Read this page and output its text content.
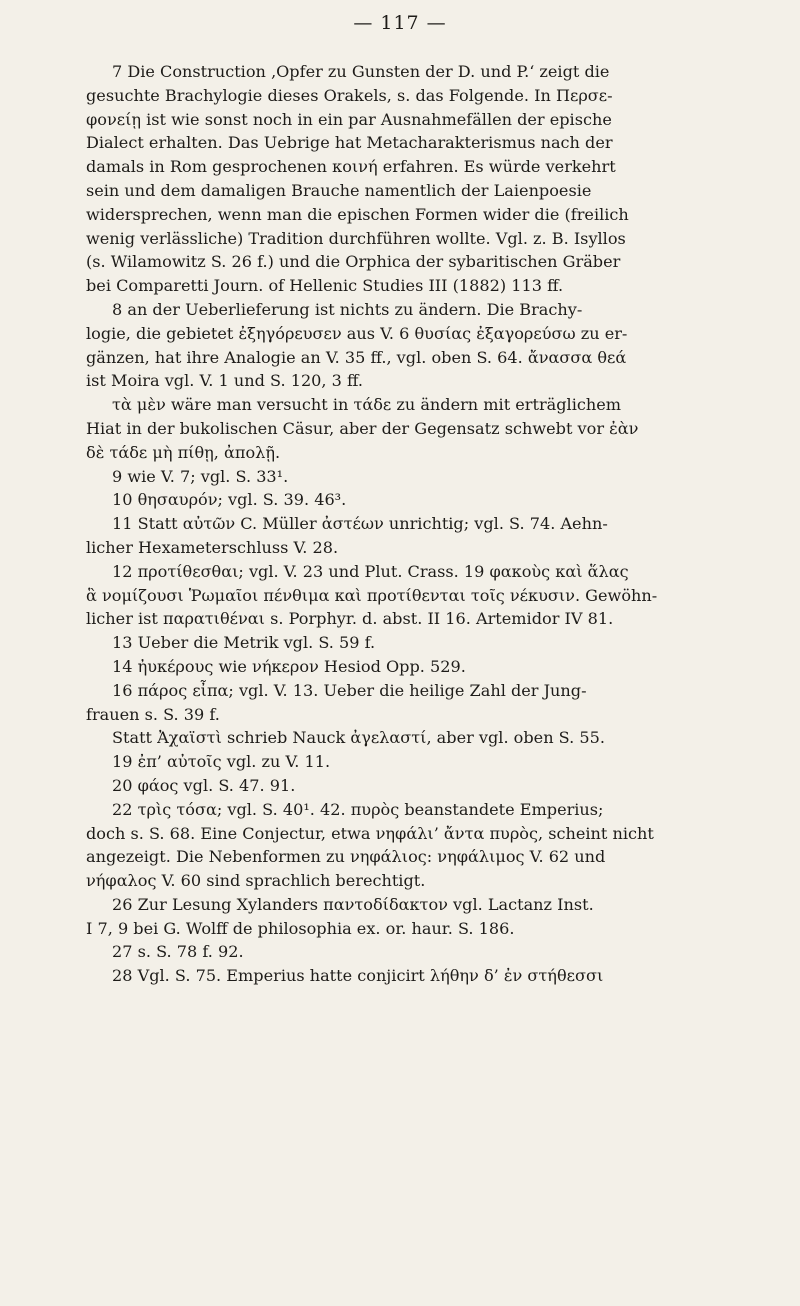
— 117 —
7 Die Construction ‚Opfer zu Gunsten der D. und P.‘ zeigt die
gesuchte Brachylogie dieses Orakels, s. das Folgende. In Περσε-
φονείῃ ist wie sonst noch in ein par Ausnahmefällen der epische
Dialect erhalten. Das Uebrige hat Metacharakterismus nach der
damals in Rom gesprochenen κοινή erfahren. Es würde verkehrt
sein und dem damaligen Brauche namentlich der Laienpoesie
widersprechen, wenn man die epischen Formen wider die (freilich
wenig verlässliche) Tradition durchführen wollte. Vgl. z. B. Isyllos
(s. Wilamowitz S. 26 f.) und die Orphica der sybaritischen Gräber
bei Comparetti Journ. of Hellenic Studies III (1882) 113 ff.
8 an der Ueberlieferung ist nichts zu ändern. Die Brachy-
logie, die gebietet ἐξηγόρευσεν aus V. 6 θυσίας ἐξαγορεύσω zu er-
gänzen, hat ihre Analogie an V. 35 ff., vgl. oben S. 64. ἄνασσα θεά
ist Moira vgl. V. 1 und S. 120, 3 ff.
τὰ μὲν wäre man versucht in τάδε zu ändern mit erträglichem
Hiat in der bukolischen Cäsur, aber der Gegensatz schwebt vor ἐὰν
δὲ τάδε μὴ πίθῃ, ἀπολῇ.
9 wie V. 7; vgl. S. 33¹.
10 θησαυρόν; vgl. S. 39. 46³.
11 Statt αὐτῶν C. Müller ἀστέων unrichtig; vgl. S. 74. Aehn-
licher Hexameterschluss V. 28.
12 προτίθεσθαι; vgl. V. 23 und Plut. Crass. 19 φακοὺς καὶ ἅλας
ἃ νομίζουσι Ῥωμαῖοι πένθιμα καὶ προτίθενται τοῖς νέκυσιν. Gewöhn-
licher ist παρατιθέναι s. Porphyr. d. abst. II 16. Artemidor IV 81.
13 Ueber die Metrik vgl. S. 59 f.
14 ἠυκέρους wie νήκερον Hesiod Opp. 529.
16 πάρος εἶπα; vgl. V. 13. Ueber die heilige Zahl der Jung-
frauen s. S. 39 f.
Statt Ἀχαϊστὶ schrieb Nauck ἀγελαστί, aber vgl. oben S. 55.
19 ἐπ’ αὐτοῖς vgl. zu V. 11.
20 φάος vgl. S. 47. 91.
22 τρὶς τόσα; vgl. S. 40¹. 42. πυρὸς beanstandete Emperius;
doch s. S. 68. Eine Conjectur, etwa νηφάλι’ ἄντα πυρὸς, scheint nicht
angezeigt. Die Nebenformen zu νηφάλιος: νηφάλιμος V. 62 und
νήφαλος V. 60 sind sprachlich berechtigt.
26 Zur Lesung Xylanders παντοδίδακτον vgl. Lactanz Inst.
I 7, 9 bei G. Wolff de philosophia ex. or. haur. S. 186.
27 s. S. 78 f. 92.
28 Vgl. S. 75. Emperius hatte conjicirt λήθην δ’ ἐν στήθεσσι
